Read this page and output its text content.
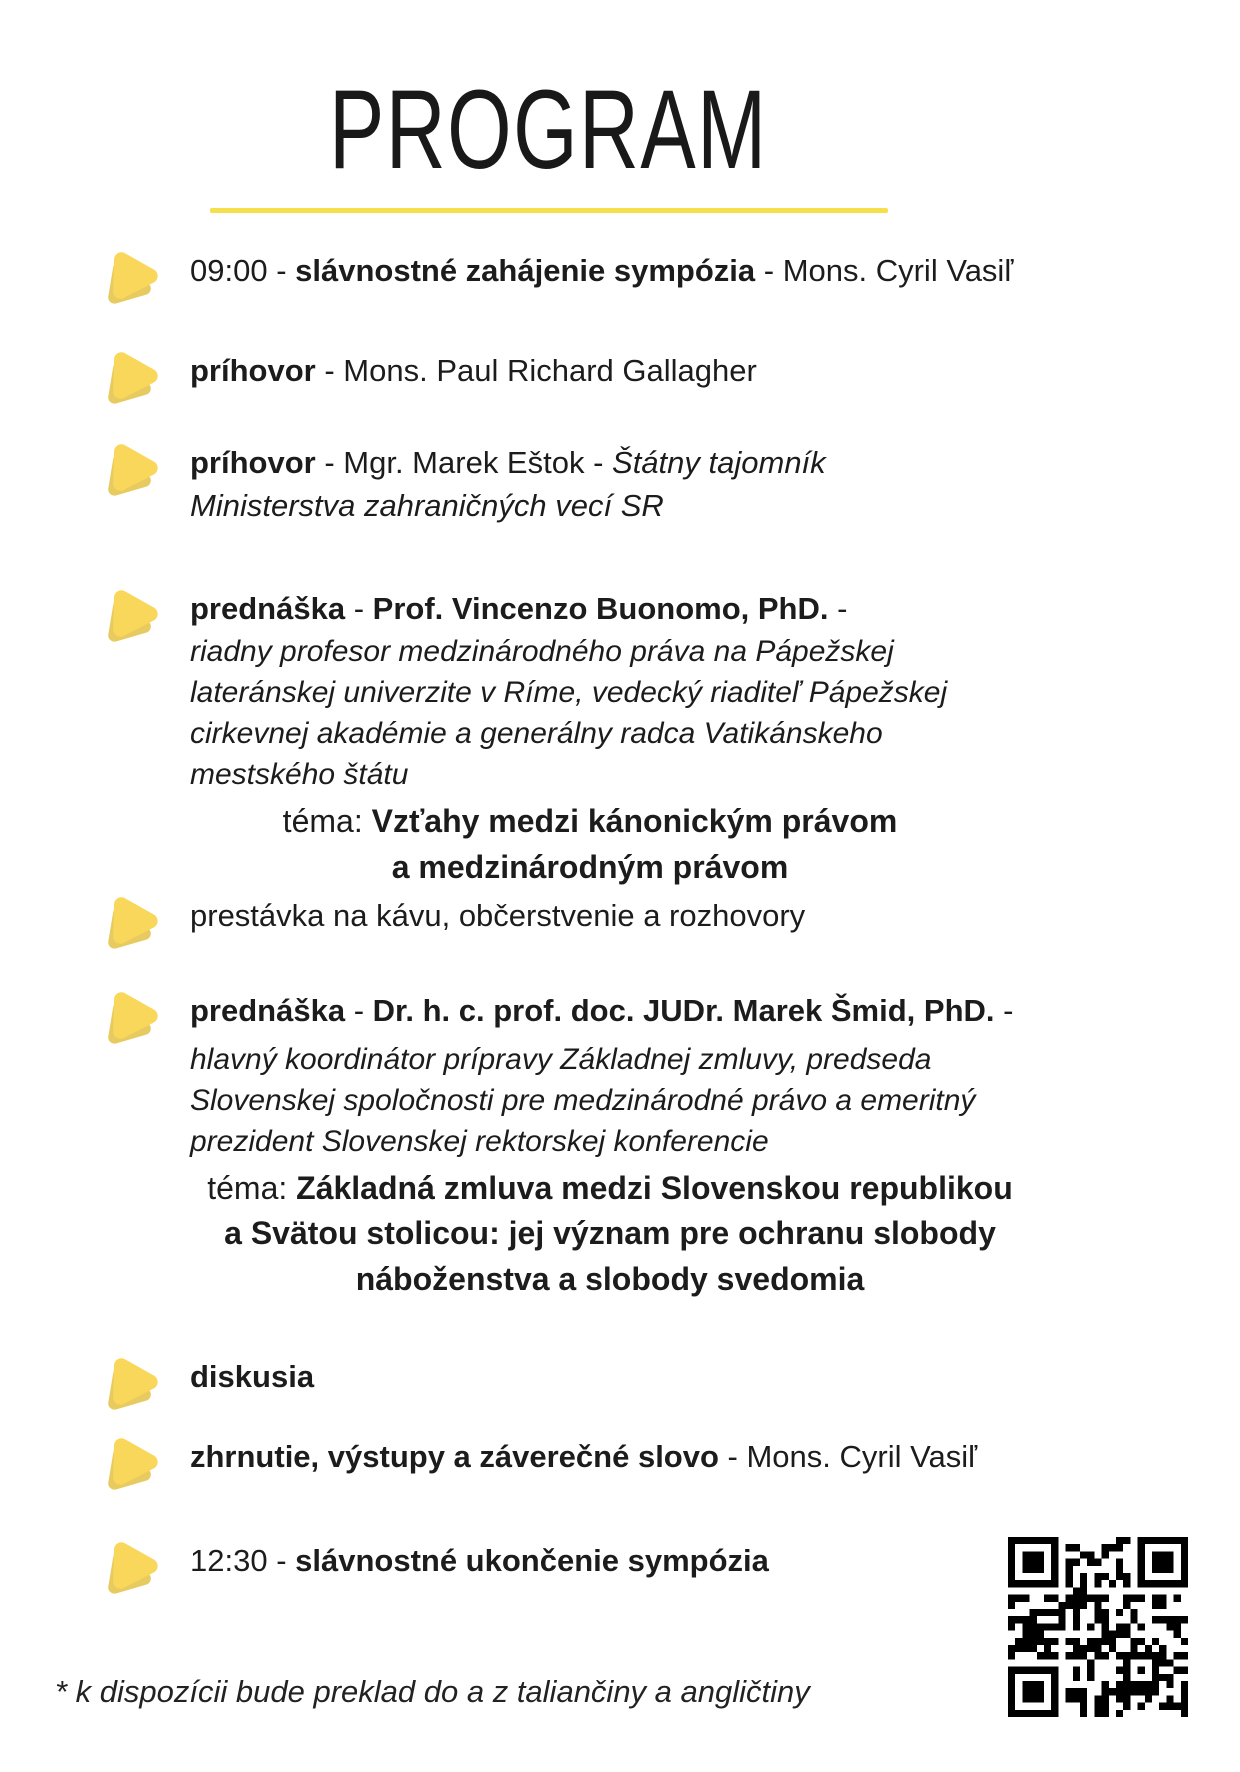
PROGRAM
09:00 - slávnostné zahájenie sympózia - Mons. Cyril Vasiľ
príhovor - Mons. Paul Richard Gallagher
príhovor - Mgr. Marek Eštok - Štátny tajomník Ministerstva zahraničných vecí SR
prednáška - Prof. Vincenzo Buonomo, PhD. -
riadny profesor medzinárodného práva na Pápežskej lateránskej univerzite v Ríme, vedecký riaditeľ Pápežskej cirkevnej akadémie a generálny radca Vatikánskeho mestského štátu
téma: Vzťahy medzi kánonickým právom a medzinárodným právom
prestávka na kávu, občerstvenie a rozhovory
prednáška - Dr. h. c. prof. doc. JUDr. Marek Šmid, PhD. -
hlavný koordinátor prípravy Základnej zmluvy, predseda Slovenskej spoločnosti pre medzinárodné právo a emeritný prezident Slovenskej rektorskej konferencie
téma: Základná zmluva medzi Slovenskou republikou a Svätou stolicou: jej význam pre ochranu slobody náboženstva a slobody svedomia
diskusia
zhrnutie, výstupy a záverečné slovo - Mons. Cyril Vasiľ
12:30 - slávnostné ukončenie sympózia
* k dispozícii bude preklad do a z taliančiny a angličtiny
